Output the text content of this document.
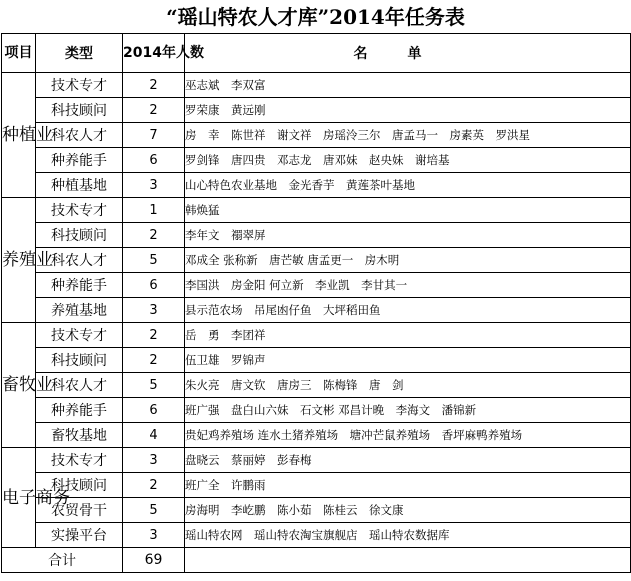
“瑶山特农人才库”2014年任务表
项目	类型	2014年人数	名单
种植业	技术专才	2	巫志斌　李双富
	科技顾问	2	罗荣康　黄远刚
	科农人才	7	房　幸　陈世祥　谢文祥　房瑶泠三尔　唐孟马一　房素英　罗洪星
	种养能手	6	罗剑锋　唐四贵　邓志龙　唐邓妹　赵央妹　谢培基
	种植基地	3	山心特色农业基地　金光香芋　黄莲茶叶基地
养殖业	技术专才	1	韩焕猛
	科技顾问	2	李年文　禤翠屏
	科农人才	5	邓成全 张称新　唐芒敏 唐孟更一　房木明
	种养能手	6	李国洪　房金阳 何立新　李业凯　李甘其一
	养殖基地	3	县示范农场　吊尾凼仔鱼　大坪稻田鱼
畜牧业	技术专才	2	岳　勇　李团祥
	科技顾问	2	伍卫雄　罗锦声
	科农人才	5	朱火亮　唐文钦　唐房三　陈梅锋　唐　剑
	种养能手	6	班广强　盘白山六妹　石文彬 邓昌计晚　李海文　潘锦新
	畜牧基地	4	贵妃鸡养殖场 连水土猪养殖场　塘冲芒鼠养殖场　香坪麻鸭养殖场
电子商务	技术专才	3	盘晓云　蔡丽婷　彭春梅
	科技顾问	2	班广全　许鹏雨
	农贸骨干	5	房海明　李屹鹏　陈小茹　陈桂云　徐文康
	实操平台	3	瑶山特农网　瑶山特农淘宝旗舰店　瑶山特农数据库
合计		69	
